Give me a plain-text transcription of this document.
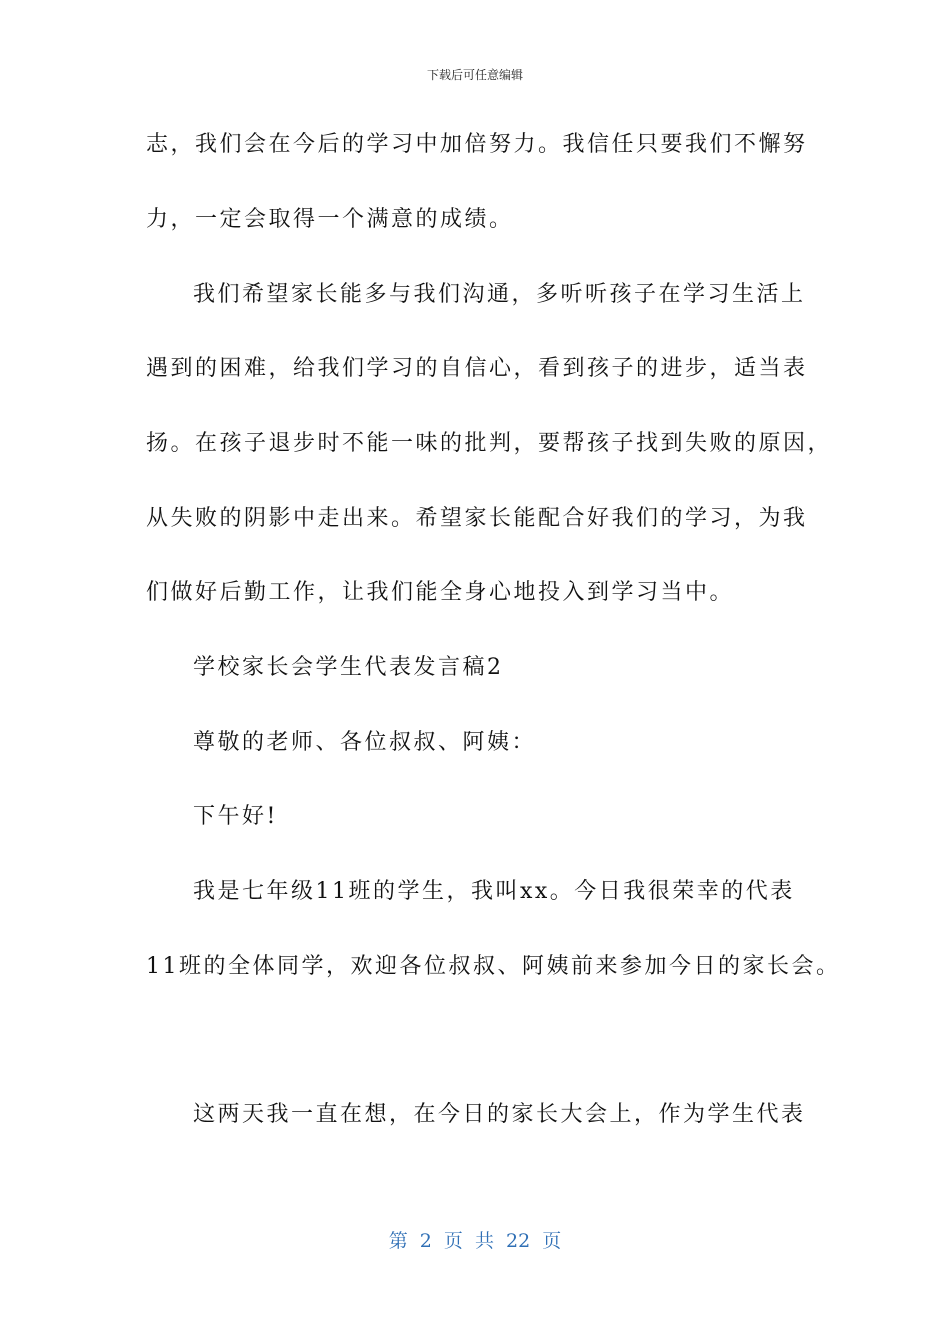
下载后可任意编辑
志，我们会在今后的学习中加倍努力。我信任只要我们不懈努
力，一定会取得一个满意的成绩。
我们希望家长能多与我们沟通，多听听孩子在学习生活上
遇到的困难，给我们学习的自信心，看到孩子的进步，适当表
扬。在孩子退步时不能一味的批判，要帮孩子找到失败的原因，
从失败的阴影中走出来。希望家长能配合好我们的学习，为我
们做好后勤工作，让我们能全身心地投入到学习当中。
学校家长会学生代表发言稿2
尊敬的老师、各位叔叔、阿姨：
下午好!
我是七年级11班的学生，我叫xx。今日我很荣幸的代表
11班的全体同学，欢迎各位叔叔、阿姨前来参加今日的家长会。
这两天我一直在想，在今日的家长大会上，作为学生代表
第 2 页 共 22 页
